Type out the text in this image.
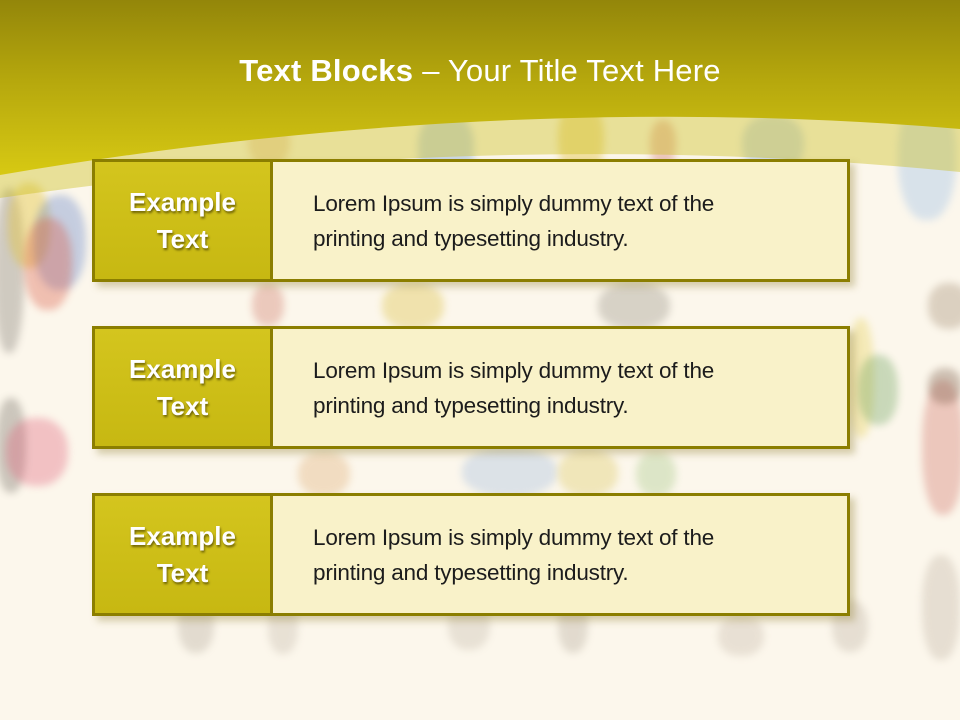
Text Blocks – Your Title Text Here
Example Text

Lorem Ipsum is simply dummy text of the printing and typesetting industry.

Example Text

Lorem Ipsum is simply dummy text of the printing and typesetting industry.

Example Text

Lorem Ipsum is simply dummy text of the printing and typesetting industry.
